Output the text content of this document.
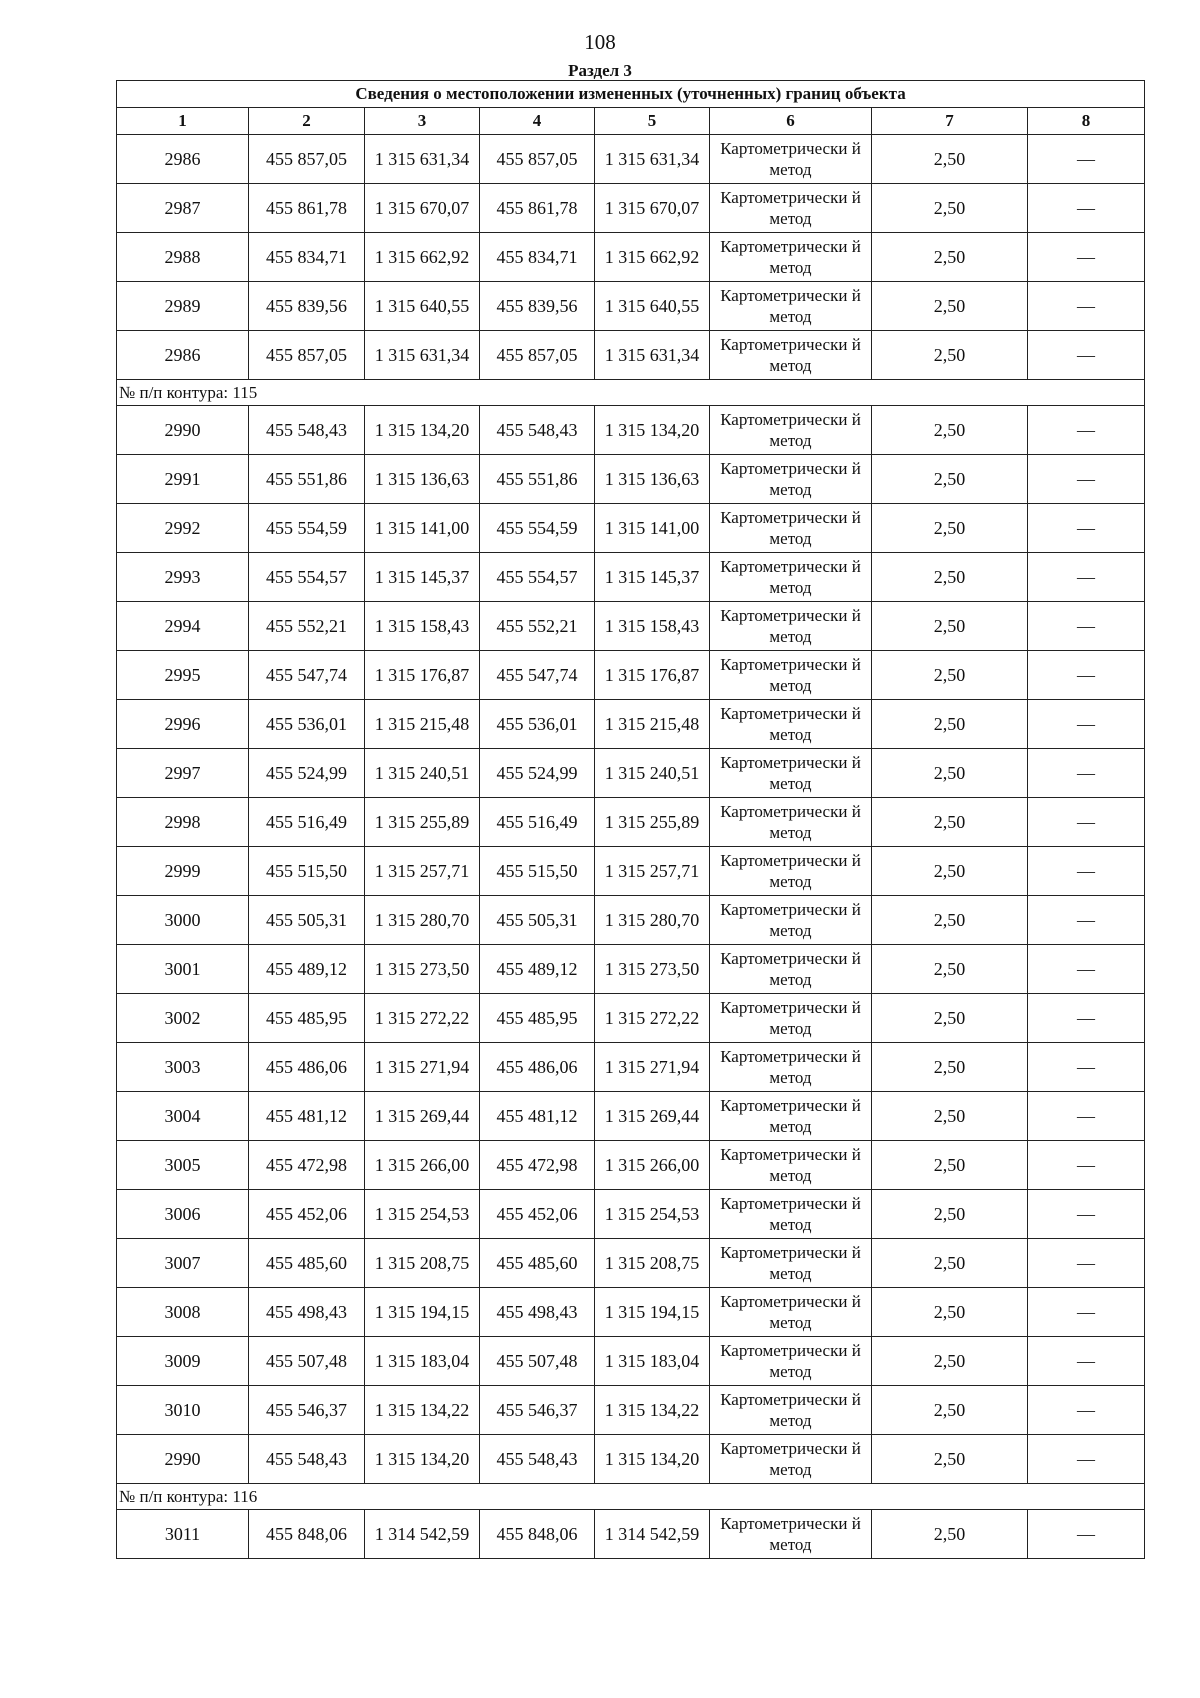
108
Раздел 3
Сведения о местоположении измененных (уточненных) границ объекта							
1	2	3	4	5	6	7	8
2986	455 857,05	1 315 631,34	455 857,05	1 315 631,34	Картометрически й метод	2,50	—
2987	455 861,78	1 315 670,07	455 861,78	1 315 670,07	Картометрически й метод	2,50	—
2988	455 834,71	1 315 662,92	455 834,71	1 315 662,92	Картометрически й метод	2,50	—
2989	455 839,56	1 315 640,55	455 839,56	1 315 640,55	Картометрически й метод	2,50	—
2986	455 857,05	1 315 631,34	455 857,05	1 315 631,34	Картометрически й метод	2,50	—
№ п/п контура: 115							
2990	455 548,43	1 315 134,20	455 548,43	1 315 134,20	Картометрически й метод	2,50	—
2991	455 551,86	1 315 136,63	455 551,86	1 315 136,63	Картометрически й метод	2,50	—
2992	455 554,59	1 315 141,00	455 554,59	1 315 141,00	Картометрически й метод	2,50	—
2993	455 554,57	1 315 145,37	455 554,57	1 315 145,37	Картометрически й метод	2,50	—
2994	455 552,21	1 315 158,43	455 552,21	1 315 158,43	Картометрически й метод	2,50	—
2995	455 547,74	1 315 176,87	455 547,74	1 315 176,87	Картометрически й метод	2,50	—
2996	455 536,01	1 315 215,48	455 536,01	1 315 215,48	Картометрически й метод	2,50	—
2997	455 524,99	1 315 240,51	455 524,99	1 315 240,51	Картометрически й метод	2,50	—
2998	455 516,49	1 315 255,89	455 516,49	1 315 255,89	Картометрически й метод	2,50	—
2999	455 515,50	1 315 257,71	455 515,50	1 315 257,71	Картометрически й метод	2,50	—
3000	455 505,31	1 315 280,70	455 505,31	1 315 280,70	Картометрически й метод	2,50	—
3001	455 489,12	1 315 273,50	455 489,12	1 315 273,50	Картометрически й метод	2,50	—
3002	455 485,95	1 315 272,22	455 485,95	1 315 272,22	Картометрически й метод	2,50	—
3003	455 486,06	1 315 271,94	455 486,06	1 315 271,94	Картометрически й метод	2,50	—
3004	455 481,12	1 315 269,44	455 481,12	1 315 269,44	Картометрически й метод	2,50	—
3005	455 472,98	1 315 266,00	455 472,98	1 315 266,00	Картометрически й метод	2,50	—
3006	455 452,06	1 315 254,53	455 452,06	1 315 254,53	Картометрически й метод	2,50	—
3007	455 485,60	1 315 208,75	455 485,60	1 315 208,75	Картометрически й метод	2,50	—
3008	455 498,43	1 315 194,15	455 498,43	1 315 194,15	Картометрически й метод	2,50	—
3009	455 507,48	1 315 183,04	455 507,48	1 315 183,04	Картометрически й метод	2,50	—
3010	455 546,37	1 315 134,22	455 546,37	1 315 134,22	Картометрически й метод	2,50	—
2990	455 548,43	1 315 134,20	455 548,43	1 315 134,20	Картометрически й метод	2,50	—
№ п/п контура: 116							
3011	455 848,06	1 314 542,59	455 848,06	1 314 542,59	Картометрически й метод	2,50	—
